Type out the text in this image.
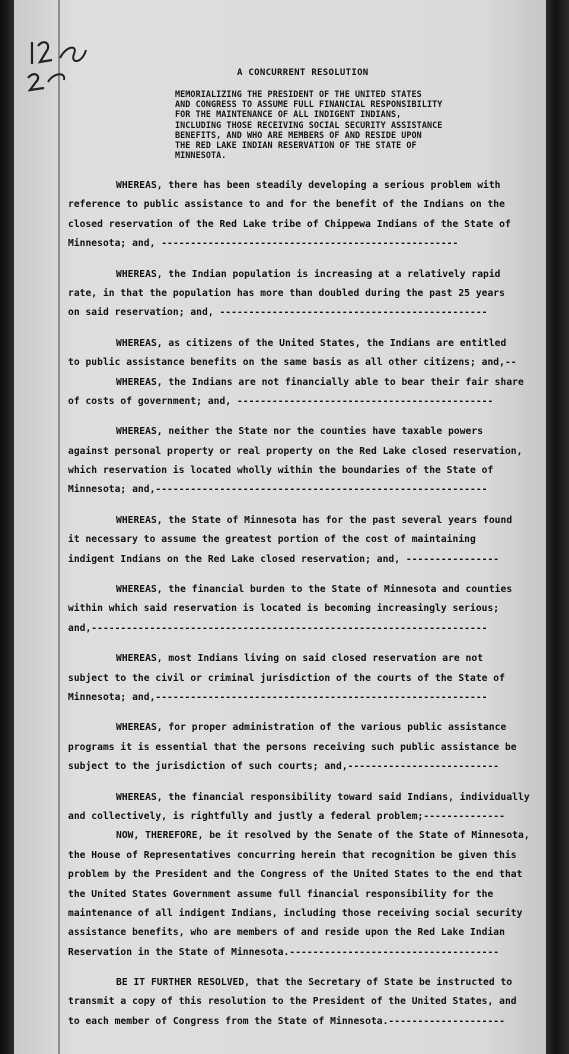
A CONCURRENT RESOLUTION
MEMORIALIZING THE PRESIDENT OF THE UNITED STATES
AND CONGRESS TO ASSUME FULL FINANCIAL RESPONSIBILITY
FOR THE MAINTENANCE OF ALL INDIGENT INDIANS,
INCLUDING THOSE RECEIVING SOCIAL SECURITY ASSISTANCE
BENEFITS, AND WHO ARE MEMBERS OF AND RESIDE UPON
THE RED LAKE INDIAN RESERVATION OF THE STATE OF
MINNESOTA.
WHEREAS, there has been steadily developing a serious problem with
reference to public assistance to and for the benefit of the Indians on the
closed reservation of the Red Lake tribe of Chippewa Indians of the State of
Minnesota; and, ---------------------------------------------------
WHEREAS, the Indian population is increasing at a relatively rapid
rate, in that the population has more than doubled during the past 25 years
on said reservation; and, ----------------------------------------------
WHEREAS, as citizens of the United States, the Indians are entitled
to public assistance benefits on the same basis as all other citizens; and,--
WHEREAS, the Indians are not financially able to bear their fair share
of costs of government; and, --------------------------------------------
WHEREAS, neither the State nor the counties have taxable powers
against personal property or real property on the Red Lake closed reservation,
which reservation is located wholly within the boundaries of the State of
Minnesota; and,---------------------------------------------------------
WHEREAS, the State of Minnesota has for the past several years found
it necessary to assume the greatest portion of the cost of maintaining
indigent Indians on the Red Lake closed reservation; and, ----------------
WHEREAS, the financial burden to the State of Minnesota and counties
within which said reservation is located is becoming increasingly serious;
and,--------------------------------------------------------------------
WHEREAS, most Indians living on said closed reservation are not
subject to the civil or criminal jurisdiction of the courts of the State of
Minnesota; and,---------------------------------------------------------
WHEREAS, for proper administration of the various public assistance
programs it is essential that the persons receiving such public assistance be
subject to the jurisdiction of such courts; and,--------------------------
WHEREAS, the financial responsibility toward said Indians, individually
and collectively, is rightfully and justly a federal problem;--------------
NOW, THEREFORE, be it resolved by the Senate of the State of Minnesota,
the House of Representatives concurring herein that recognition be given this
problem by the President and the Congress of the United States to the end that
the United States Government assume full financial responsibility for the
maintenance of all indigent Indians, including those receiving social security
assistance benefits, who are members of and reside upon the Red Lake Indian
Reservation in the State of Minnesota.------------------------------------
BE IT FURTHER RESOLVED, that the Secretary of State be instructed to
transmit a copy of this resolution to the President of the United States, and
to each member of Congress from the State of Minnesota.--------------------
